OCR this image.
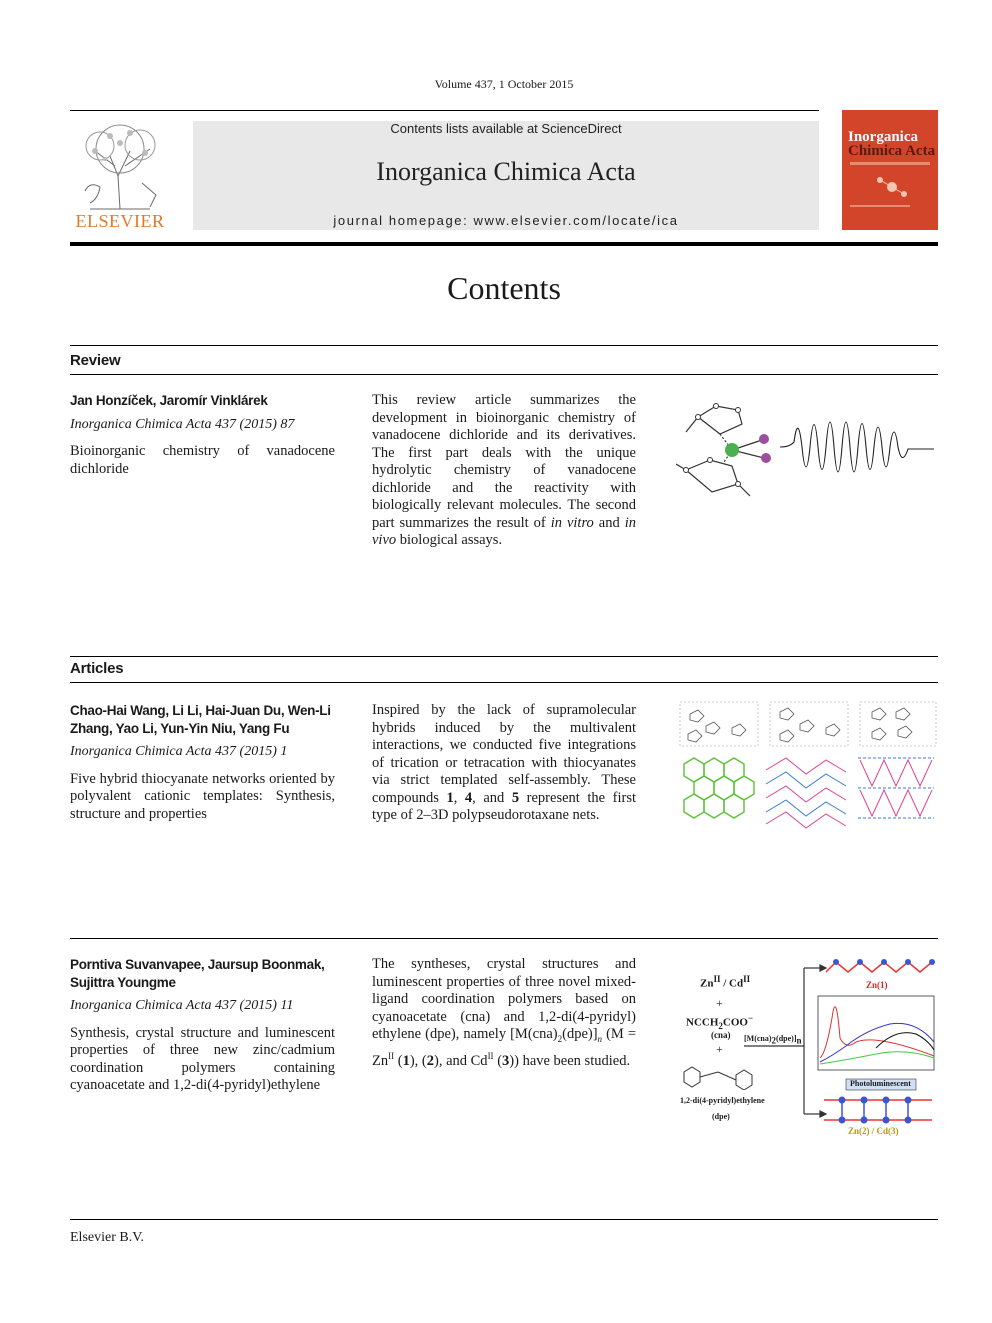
Volume 437, 1 October 2015
ELSEVIER
Contents lists available at ScienceDirect
Inorganica Chimica Acta
journal homepage: www.elsevier.com/locate/ica
Inorganica
Chimica Acta
Contents
Review
Jan Honzíček, Jaromír Vinklárek
Inorganica Chimica Acta 437 (2015) 87
Bioinorganic chemistry of vanadocene dichloride
This review article summarizes the development in bioinorganic chemistry of vanadocene dichloride and its derivatives. The first part deals with the unique hydrolytic chemistry of vanadocene dichloride and the reactivity with biologically relevant molecules. The second part summarizes the result of in vitro and in vivo biological assays.
Articles
Chao-Hai Wang, Li Li, Hai-Juan Du, Wen-Li Zhang, Yao Li, Yun-Yin Niu, Yang Fu
Inorganica Chimica Acta 437 (2015) 1
Five hybrid thiocyanate networks oriented by polyvalent cationic templates: Synthesis, structure and properties
Inspired by the lack of supramolecular hybrids induced by the multivalent interactions, we conducted five integrations of trication or tetracation with thiocyanates via strict templated self-assembly. These compounds 1, 4, and 5 represent the first type of 2–3D polypseudorotaxane nets.
Porntiva Suvanvapee, Jaursup Boonmak, Sujittra Youngme
Inorganica Chimica Acta 437 (2015) 11
Synthesis, crystal structure and luminescent properties of three new zinc/cadmium coordination polymers containing cyanoacetate and 1,2-di(4-pyridyl)ethylene
The syntheses, crystal structures and luminescent properties of three novel mixed-ligand coordination polymers based on cyanoacetate (cna) and 1,2-di(4-pyridyl) ethylene (dpe), namely $[M(cna)_2(dpe)]_n$ ($M = Zn^{II}$ (1), (2), and $Cd^{II}$ (3)) have been studied.
$Zn^{II} / Cd^{II}$
+
$NCCH_2COO^-$
(cna)
+
1,2-di(4-pyridyl)ethylene
(dpe)
$[M(cna)_2(dpe)]_n$
Zn(1)
Photoluminescent
Zn(2) / Cd(3)
Elsevier B.V.
